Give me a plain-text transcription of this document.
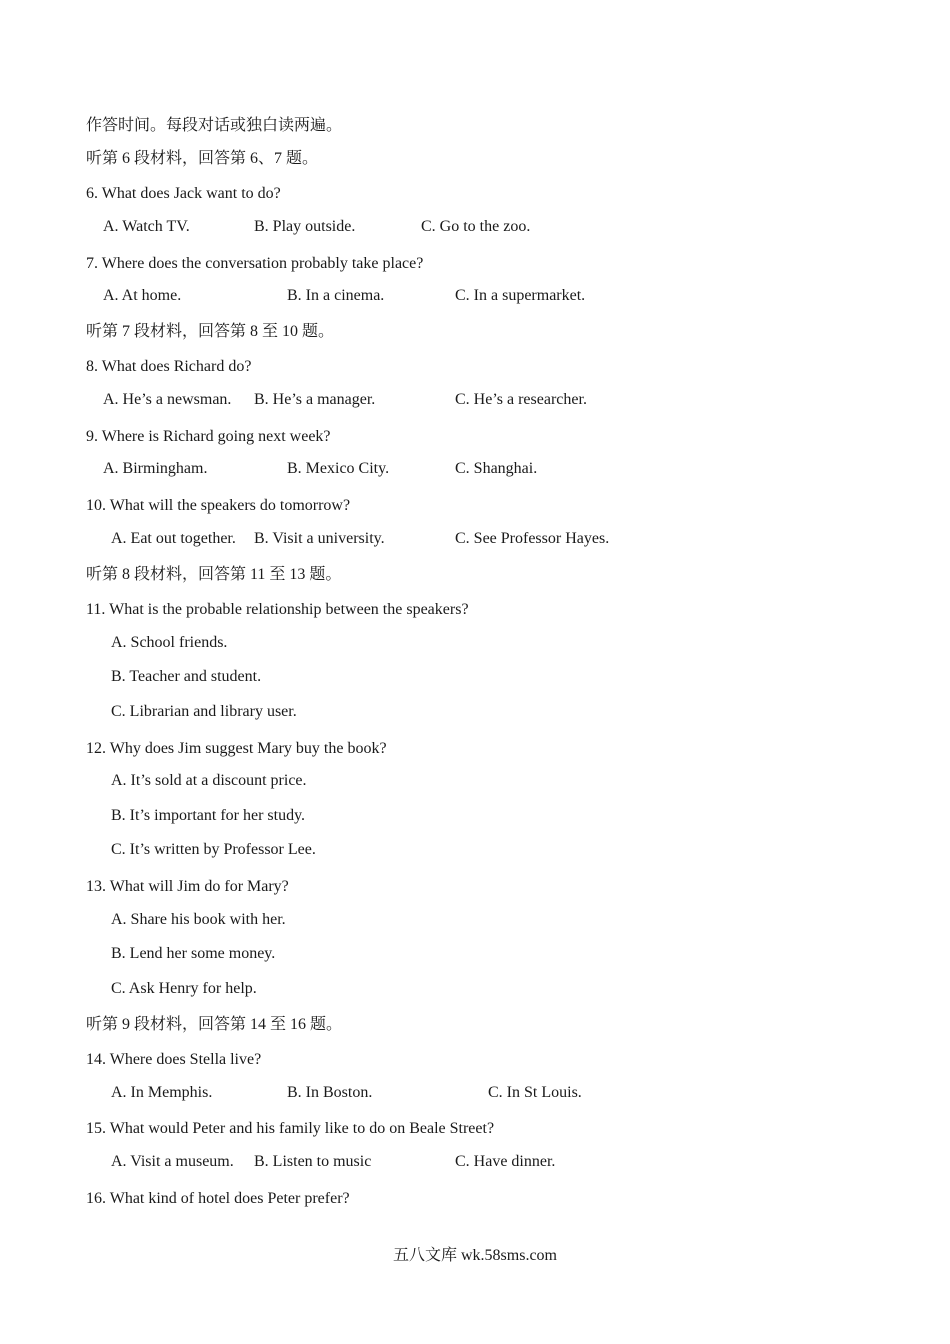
作答时间。每段对话或独白读两遍。
听第 6 段材料，回答第 6、7 题。
6. What does Jack want to do?
A. Watch TV.	B. Play outside.	C. Go to the zoo.
7. Where does the conversation probably take place?
A. At home.	B. In a cinema.	C. In a supermarket.
听第 7 段材料，回答第 8 至 10 题。
8. What does Richard do?
A. He’s a newsman. B. He’s a manager.	C. He’s a researcher.
9. Where is Richard going next week?
A. Birmingham.	B. Mexico City.	C. Shanghai.
10. What will the speakers do tomorrow?
A. Eat out together. B. Visit a university.	C. See Professor Hayes.
听第 8 段材料，回答第 11 至 13 题。
11. What is the probable relationship between the speakers?
A. School friends.
B. Teacher and student.
C. Librarian and library user.
12. Why does Jim suggest Mary buy the book?
A. It’s sold at a discount price.
B. It’s important for her study.
C. It’s written by Professor Lee.
13. What will Jim do for Mary?
A. Share his book with her.
B. Lend her some money.
C. Ask Henry for help.
听第 9 段材料，回答第 14 至 16 题。
14. Where does Stella live?
A. In Memphis.	B. In Boston.	C. In St Louis.
15. What would Peter and his family like to do on Beale Street?
A. Visit a museum. B. Listen to music	C. Have dinner.
16. What kind of hotel does Peter prefer?
五八文库 wk.58sms.com
